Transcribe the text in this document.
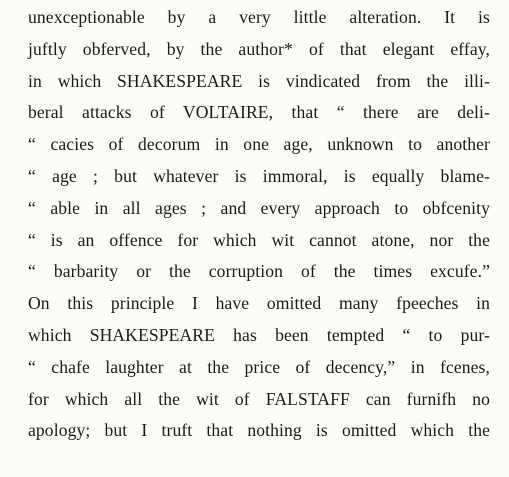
unexceptionable by a very little alteration. It is
juftly obferved, by the author* of that elegant effay,
in which SHAKESPEARE is vindicated from the illi-
beral attacks of VOLTAIRE, that “ there are deli-
“ cacies of decorum in one age, unknown to another
“ age ; but whatever is immoral, is equally blame-
“ able in all ages ; and every approach to obfcenity
“ is an offence for which wit cannot atone, nor the
“ barbarity or the corruption of the times excufe.”
On this principle I have omitted many fpeeches in
which SHAKESPEARE has been tempted “ to pur-
“ chafe laughter at the price of decency,” in fcenes,
for which all the wit of FALSTAFF can furnifh no
apology; but I truft that nothing is omitted which the
